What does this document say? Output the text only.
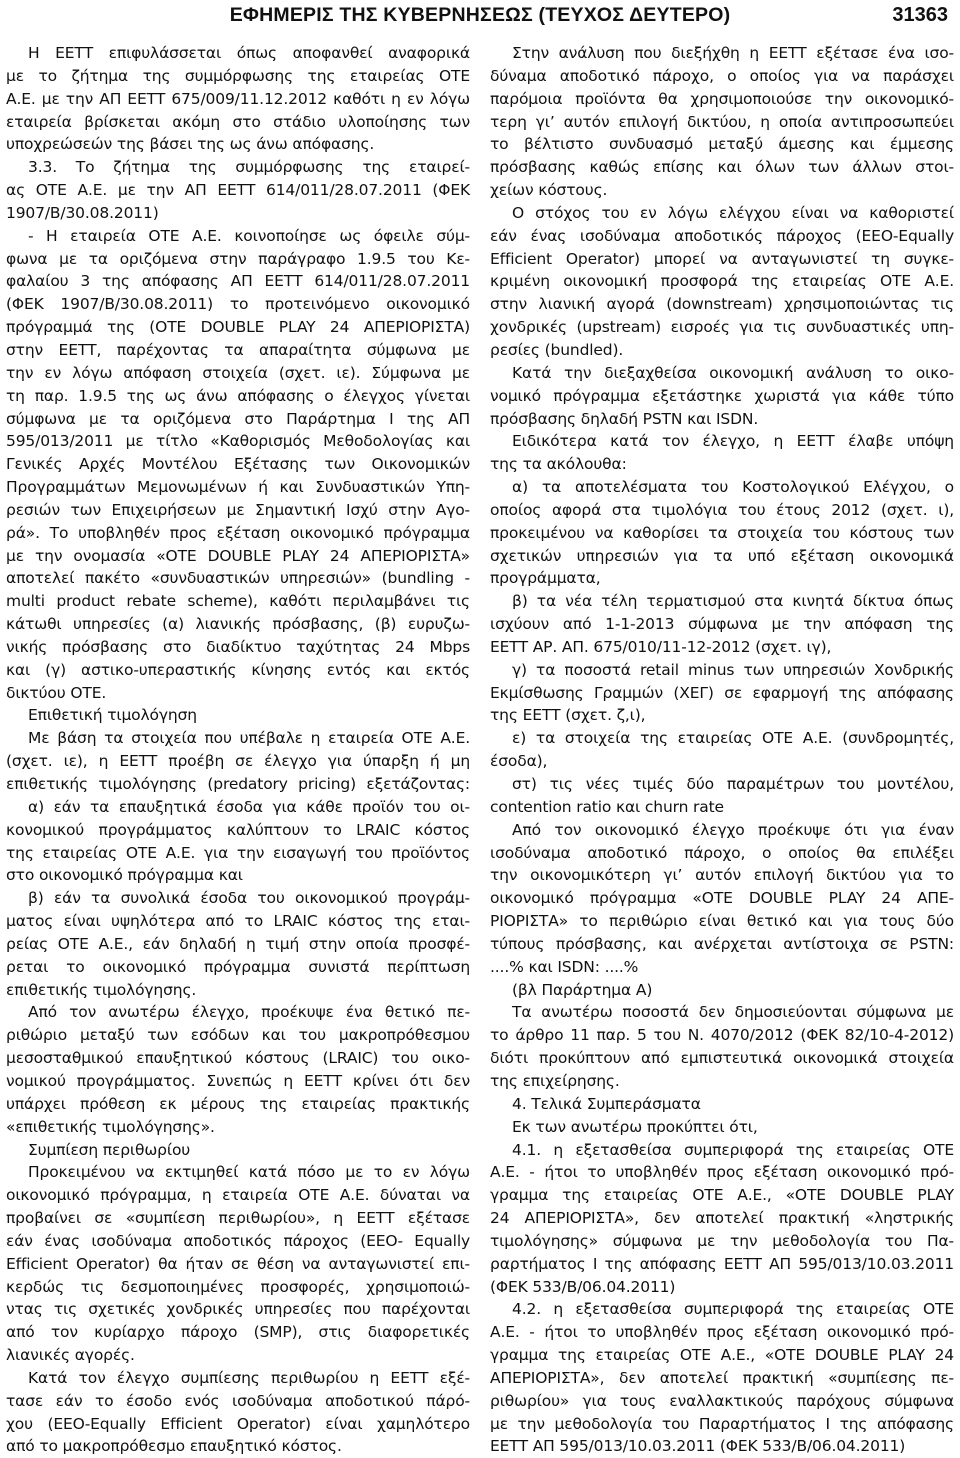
ΕΦΗΜΕΡΙΣ ΤΗΣ ΚΥΒΕΡΝΗΣΕΩΣ (ΤΕΥΧΟΣ ΔΕΥΤΕΡΟ)	31363
Η ΕΕΤΤ επιφυλάσσεται όπως αποφανθεί αναφορικά
με το ζήτημα της συμμόρφωσης της εταιρείας ΟΤΕ
Α.Ε. με την ΑΠ ΕΕΤΤ 675/009/11.12.2012 καθότι η εν λόγω
εταιρεία βρίσκεται ακόμη στο στάδιο υλοποίησης των
υποχρεώσεών της βάσει της ως άνω απόφασης.
3.3. Το ζήτημα της συμμόρφωσης της εταιρεί-
ας ΟΤΕ Α.Ε. με την ΑΠ ΕΕΤΤ 614/011/28.07.2011 (ΦΕΚ
1907/Β/30.08.2011)
- Η εταιρεία ΟΤΕ Α.Ε. κοινοποίησε ως όφειλε σύμ-
φωνα με τα οριζόμενα στην παράγραφο 1.9.5 του Κε-
φαλαίου 3 της απόφασης ΑΠ ΕΕΤΤ 614/011/28.07.2011
(ΦΕΚ 1907/Β/30.08.2011) το προτεινόμενο οικονομικό
πρόγραμμά της (ΟΤΕ DOUBLE PLAY 24 ΑΠΕΡΙΟΡΙΣΤΑ)
στην ΕΕΤΤ, παρέχοντας τα απαραίτητα σύμφωνα με
την εν λόγω απόφαση στοιχεία (σχετ. ιε). Σύμφωνα με
τη παρ. 1.9.5 της ως άνω απόφασης ο έλεγχος γίνεται
σύμφωνα με τα οριζόμενα στο Παράρτημα Ι της ΑΠ
595/013/2011 με τίτλο «Καθορισμός Μεθοδολογίας και
Γενικές Αρχές Μοντέλου Εξέτασης των Οικονομικών
Προγραμμάτων Μεμονωμένων ή και Συνδυαστικών Υπη-
ρεσιών των Επιχειρήσεων με Σημαντική Ισχύ στην Αγο-
ρά». Το υποβληθέν προς εξέταση οικονομικό πρόγραμμα
με την ονομασία «ΟΤΕ DOUBLE PLAY 24 ΑΠΕΡΙΟΡΙΣΤΑ»
αποτελεί πακέτο «συνδυαστικών υπηρεσιών» (bundling -
multi product rebate scheme), καθότι περιλαμβάνει τις
κάτωθι υπηρεσίες (α) λιανικής πρόσβασης, (β) ευρυζω-
νικής πρόσβασης στο διαδίκτυο ταχύτητας 24 Mbps
και (γ) αστικο-υπεραστικής κίνησης εντός και εκτός
δικτύου ΟΤΕ.
Επιθετική τιμολόγηση
Με βάση τα στοιχεία που υπέβαλε η εταιρεία ΟΤΕ Α.Ε.
(σχετ. ιε), η ΕΕΤΤ προέβη σε έλεγχο για ύπαρξη ή μη
επιθετικής τιμολόγησης (predatory pricing) εξετάζοντας:
α) εάν τα επαυξητικά έσοδα για κάθε προϊόν του οι-
κονομικού προγράμματος καλύπτουν το LRAIC κόστος
της εταιρείας ΟΤΕ Α.Ε. για την εισαγωγή του προϊόντος
στο οικονομικό πρόγραμμα και
β) εάν τα συνολικά έσοδα του οικονομικού προγράμ-
ματος είναι υψηλότερα από το LRAIC κόστος της εται-
ρείας ΟΤΕ Α.Ε., εάν δηλαδή η τιμή στην οποία προσφέ-
ρεται το οικονομικό πρόγραμμα συνιστά περίπτωση
επιθετικής τιμολόγησης.
Από τον ανωτέρω έλεγχο, προέκυψε ένα θετικό πε-
ριθώριο μεταξύ των εσόδων και του μακροπρόθεσμου
μεσοσταθμικού επαυξητικού κόστους (LRAIC) του οικο-
νομικού προγράμματος. Συνεπώς η ΕΕΤΤ κρίνει ότι δεν
υπάρχει πρόθεση εκ μέρους της εταιρείας πρακτικής
«επιθετικής τιμολόγησης».
Συμπίεση περιθωρίου
Προκειμένου να εκτιμηθεί κατά πόσο με το εν λόγω
οικονομικό πρόγραμμα, η εταιρεία ΟΤΕ Α.Ε. δύναται να
προβαίνει σε «συμπίεση περιθωρίου», η ΕΕΤΤ εξέτασε
εάν ένας ισοδύναμα αποδοτικός πάροχος (ΕΕΟ- Equally
Efficient Operator) θα ήταν σε θέση να ανταγωνιστεί επι-
κερδώς τις δεσμοποιημένες προσφορές, χρησιμοποιώ-
ντας τις σχετικές χονδρικές υπηρεσίες που παρέχονται
από τον κυρίαρχο πάροχο (SMP), στις διαφορετικές
λιανικές αγορές.
Κατά τον έλεγχο συμπίεσης περιθωρίου η ΕΕΤΤ εξέ-
τασε εάν το έσοδο ενός ισοδύναμα αποδοτικού πάρό-
χου (ΕΕΟ-Equally Efficient Operator) είναι χαμηλότερο
από το μακροπρόθεσμο επαυξητικό κόστος.
Στην ανάλυση που διεξήχθη η ΕΕΤΤ εξέτασε ένα ισο-
δύναμα αποδοτικό πάροχο, ο οποίος για να παράσχει
παρόμοια προϊόντα θα χρησιμοποιούσε την οικονομικό-
τερη γι’ αυτόν επιλογή δικτύου, η οποία αντιπροσωπεύει
το βέλτιστο συνδυασμό μεταξύ άμεσης και έμμεσης
πρόσβασης καθώς επίσης και όλων των άλλων στοι-
χείων κόστους.
Ο στόχος του εν λόγω ελέγχου είναι να καθοριστεί
εάν ένας ισοδύναμα αποδοτικός πάροχος (ΕΕΟ-Equally
Efficient Operator) μπορεί να ανταγωνιστεί τη συγκε-
κριμένη οικονομική προσφορά της εταιρείας ΟΤΕ Α.Ε.
στην λιανική αγορά (downstream) χρησιμοποιώντας τις
χονδρικές (upstream) εισροές για τις συνδυαστικές υπη-
ρεσίες (bundled).
Κατά την διεξαχθείσα οικονομική ανάλυση το οικο-
νομικό πρόγραμμα εξετάστηκε χωριστά για κάθε τύπο
πρόσβασης δηλαδή PSTN και ISDN.
Ειδικότερα κατά τον έλεγχο, η ΕΕΤΤ έλαβε υπόψη
της τα ακόλουθα:
α) τα αποτελέσματα του Κοστολογικού Ελέγχου, ο
οποίος αφορά στα τιμολόγια του έτους 2012 (σχετ. ι),
προκειμένου να καθορίσει τα στοιχεία του κόστους των
σχετικών υπηρεσιών για τα υπό εξέταση οικονομικά
προγράμματα,
β) τα νέα τέλη τερματισμού στα κινητά δίκτυα όπως
ισχύουν από 1-1-2013 σύμφωνα με την απόφαση της
ΕΕΤΤ ΑΡ. ΑΠ. 675/010/11-12-2012 (σχετ. ιγ),
γ) τα ποσοστά retail minus των υπηρεσιών Χονδρικής
Εκμίσθωσης Γραμμών (ΧΕΓ) σε εφαρμογή της απόφασης
της ΕΕΤΤ (σχετ. ζ,ι),
ε) τα στοιχεία της εταιρείας ΟΤΕ Α.Ε. (συνδρομητές,
έσοδα),
στ) τις νέες τιμές δύο παραμέτρων του μοντέλου,
contention ratio και churn rate
Από τον οικονομικό έλεγχο προέκυψε ότι για έναν
ισοδύναμα αποδοτικό πάροχο, ο οποίος θα επιλέξει
την οικονομικότερη γι’ αυτόν επιλογή δικτύου για το
οικονομικό πρόγραμμα «ΟΤΕ DOUBLE PLAY 24 ΑΠΕ-
ΡΙΟΡΙΣΤΑ» το περιθώριο είναι θετικό και για τους δύο
τύπους πρόσβασης, και ανέρχεται αντίστοιχα σε PSTN:
....% και ISDN: ....%
(βλ Παράρτημα Α)
Τα ανωτέρω ποσοστά δεν δημοσιεύονται σύμφωνα με
το άρθρο 11 παρ. 5 του Ν. 4070/2012 (ΦΕΚ 82/10-4-2012)
διότι προκύπτουν από εμπιστευτικά οικονομικά στοιχεία
της επιχείρησης.
4. Τελικά Συμπεράσματα
Εκ των ανωτέρω προκύπτει ότι,
4.1. η εξετασθείσα συμπεριφορά της εταιρείας ΟΤΕ
Α.Ε. - ήτοι το υποβληθέν προς εξέταση οικονομικό πρό-
γραμμα της εταιρείας ΟΤΕ Α.Ε., «ΟΤΕ DOUBLE PLAY
24 ΑΠΕΡΙΟΡΙΣΤΑ», δεν αποτελεί πρακτική «ληστρικής
τιμολόγησης» σύμφωνα με την μεθοδολογία του Πα-
ραρτήματος Ι της απόφασης ΕΕΤΤ ΑΠ 595/013/10.03.2011
(ΦΕΚ 533/Β/06.04.2011)
4.2. η εξετασθείσα συμπεριφορά της εταιρείας ΟΤΕ
Α.Ε. - ήτοι το υποβληθέν προς εξέταση οικονομικό πρό-
γραμμα της εταιρείας ΟΤΕ Α.Ε., «ΟΤΕ DOUBLE PLAY 24
ΑΠΕΡΙΟΡΙΣΤΑ», δεν αποτελεί πρακτική «συμπίεσης πε-
ριθωρίου» για τους εναλλακτικούς παρόχους σύμφωνα
με την μεθοδολογία του Παραρτήματος Ι της απόφασης
ΕΕΤΤ ΑΠ 595/013/10.03.2011 (ΦΕΚ 533/Β/06.04.2011)
